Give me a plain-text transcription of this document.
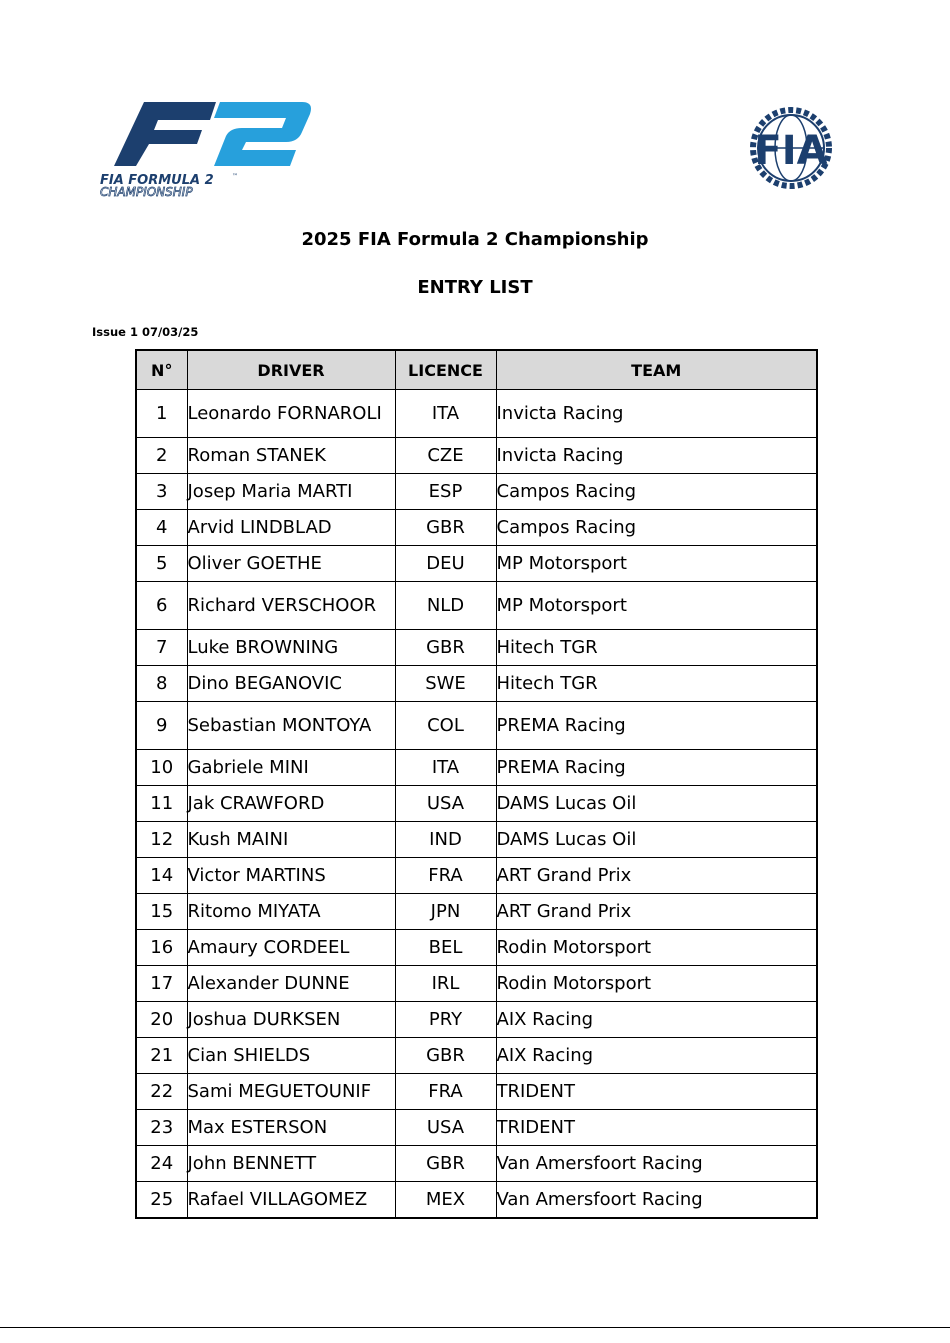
FIA FORMULA 2	™
CHAMPIONSHIP
FIA
2025 FIA Formula 2 Championship
ENTRY LIST
Issue 1 07/03/25
N°	DRIVER	LICENCE	TEAM
1	Leonardo FORNAROLI	ITA	Invicta Racing
2	Roman STANEK	CZE	Invicta Racing
3	Josep Maria MARTI	ESP	Campos Racing
4	Arvid LINDBLAD	GBR	Campos Racing
5	Oliver GOETHE	DEU	MP Motorsport
6	Richard VERSCHOOR	NLD	MP Motorsport
7	Luke BROWNING	GBR	Hitech TGR
8	Dino BEGANOVIC	SWE	Hitech TGR
9	Sebastian MONTOYA	COL	PREMA Racing
10	Gabriele MINI	ITA	PREMA Racing
11	Jak CRAWFORD	USA	DAMS Lucas Oil
12	Kush MAINI	IND	DAMS Lucas Oil
14	Victor MARTINS	FRA	ART Grand Prix
15	Ritomo MIYATA	JPN	ART Grand Prix
16	Amaury CORDEEL	BEL	Rodin Motorsport
17	Alexander DUNNE	IRL	Rodin Motorsport
20	Joshua DURKSEN	PRY	AIX Racing
21	Cian SHIELDS	GBR	AIX Racing
22	Sami MEGUETOUNIF	FRA	TRIDENT
23	Max ESTERSON	USA	TRIDENT
24	John BENNETT	GBR	Van Amersfoort Racing
25	Rafael VILLAGOMEZ	MEX	Van Amersfoort Racing
